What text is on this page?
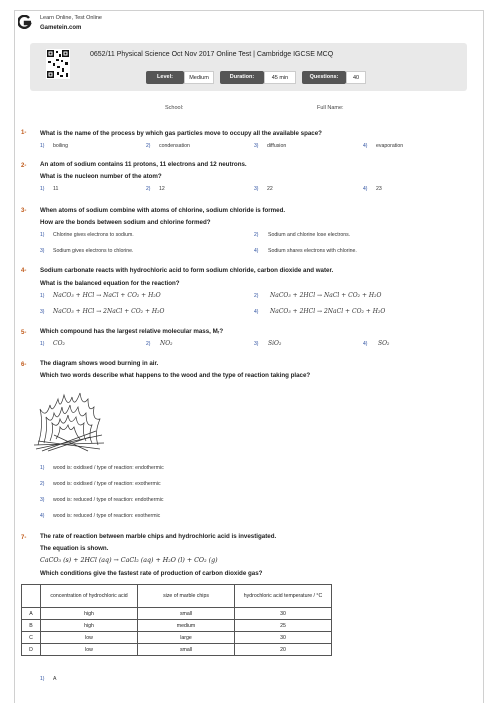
Learn Online, Test Online
Gametein.com
0652/11 Physical Science Oct Nov 2017 Online Test | Cambridge IGCSE MCQ
Level:	Medium	Duration:	45 min	Questions:	40
School:	Full Name:
1- What is the name of the process by which gas particles move to occupy all the available space?
1) boiling	2) condensation	3) diffusion	4) evaporation
2- An atom of sodium contains 11 protons, 11 electrons and 12 neutrons.
What is the nucleon number of the atom?
1) 11	2) 12	3) 22	4) 23
3- When atoms of sodium combine with atoms of chlorine, sodium chloride is formed.
How are the bonds between sodium and chlorine formed?
1) Chlorine gives electrons to sodium.	2) Sodium and chlorine lose electrons.
3) Sodium gives electrons to chlorine.	4) Sodium shares electrons with chlorine.
4- Sodium carbonate reacts with hydrochloric acid to form sodium chloride, carbon dioxide and water.
What is the balanced equation for the reaction?
1) NaCO₃ + HCl → NaCl + CO₂ + H₂O	2) NaCO₃ + 2HCl → NaCl + CO₂ + H₂O
3) NaCO₃ + HCl → 2NaCl + CO₂ + H₂O	4) NaCO₃ + 2HCl → 2NaCl + CO₂ + H₂O
5- Which compound has the largest relative molecular mass, Mᵣ?
1) CO₂	2) NO₂	3) SiO₂	4) SO₂
6- The diagram shows wood burning in air.
Which two words describe what happens to the wood and the type of reaction taking place?
1) wood is: oxidised / type of reaction: endothermic
2) wood is: oxidised / type of reaction: exothermic
3) wood is: reduced / type of reaction: endothermic
4) wood is: reduced / type of reaction: exothermic
7- The rate of reaction between marble chips and hydrochloric acid is investigated.
The equation is shown.
CaCO₃ (s) + 2HCl (aq) → CaCl₂ (aq) + H₂O (l) + CO₂ (g)
Which conditions give the fastest rate of production of carbon dioxide gas?
	concentration of hydrochloric acid	size of marble chips	hydrochloric acid temperature / °C
A	high	small	30
B	high	medium	25
C	low	large	30
D	low	small	20
1) A
